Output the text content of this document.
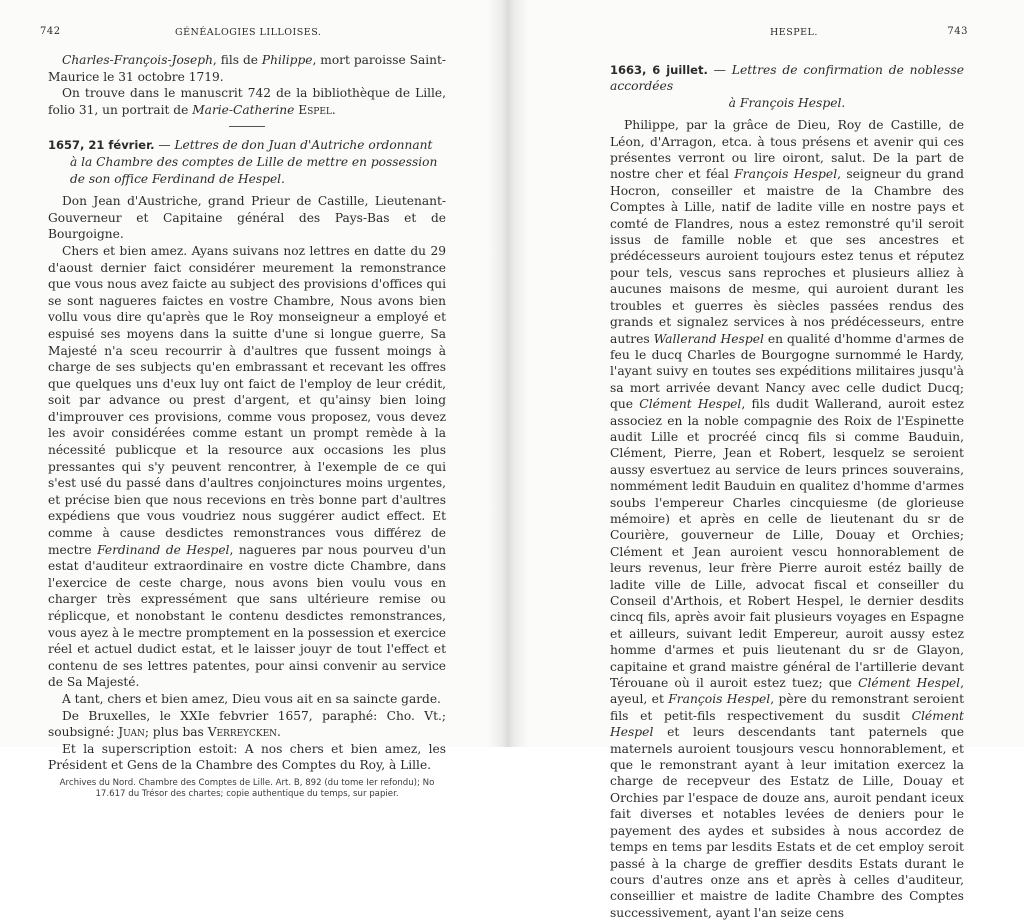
742	GÉNÉALOGIES LILLOISES.

Charles-François-Joseph, fils de Philippe, mort paroisse Saint-Maurice le 31 octobre 1719.

On trouve dans le manuscrit 742 de la bibliothèque de Lille, folio 31, un portrait de Marie-Catherine Espel.

1657, 21 février. — Lettres de don Juan d'Autriche ordonnant
à la Chambre des comptes de Lille de mettre en possession
de son office Ferdinand de Hespel.

Don Jean d'Austriche, grand Prieur de Castille, Lieutenant-Gouverneur et Capitaine général des Pays-Bas et de Bourgoigne.

Chers et bien amez. Ayans suivans noz lettres en datte du 29 d'aoust dernier faict considérer meurement la remonstrance que vous nous avez faicte au subject des provisions d'offices qui se sont nagueres faictes en vostre Chambre, Nous avons bien vollu vous dire qu'après que le Roy monseigneur a employé et espuisé ses moyens dans la suitte d'une si longue guerre, Sa Majesté n'a sceu recourrir à d'aultres que fussent moings à charge de ses subjects qu'en embrassant et recevant les offres que quelques uns d'eux luy ont faict de l'employ de leur crédit, soit par advance ou prest d'argent, et qu'ainsy bien loing d'improuver ces provisions, comme vous proposez, vous devez les avoir considérées comme estant un prompt remède à la nécessité publicque et la resource aux occasions les plus pressantes qui s'y peuvent rencontrer, à l'exemple de ce qui s'est usé du passé dans d'aultres conjoinctures moins urgentes, et précise bien que nous recevions en très bonne part d'aultres expédiens que vous voudriez nous suggérer audict effect. Et comme à cause desdictes remonstrances vous différez de mectre Ferdinand de Hespel, nagueres par nous pourveu d'un estat d'auditeur extraordinaire en vostre dicte Chambre, dans l'exercice de ceste charge, nous avons bien voulu vous en charger très expressément que sans ultérieure remise ou réplicque, et nonobstant le contenu desdictes remonstrances, vous ayez à le mectre promptement en la possession et exercice réel et actuel dudict estat, et le laisser jouyr de tout l'effect et contenu de ses lettres patentes, pour ainsi convenir au service de Sa Majesté.

A tant, chers et bien amez, Dieu vous ait en sa saincte garde.

De Bruxelles, le XXIe febvrier 1657, paraphé: Cho. Vt.; soubsigné: Juan; plus bas Verreycken.

Et la superscription estoit: A nos chers et bien amez, les Président et Gens de la Chambre des Comptes du Roy, à Lille.

Archives du Nord. Chambre des Comptes de Lille. Art. B, 892 (du tome Ier refondu); No 17.617 du Trésor des chartes; copie authentique du temps, sur papier.
HESPEL.	743

1663, 6 juillet. — Lettres de confirmation de noblesse accordées
à François Hespel.

Philippe, par la grâce de Dieu, Roy de Castille, de Léon, d'Arragon, etca. à tous présens et avenir qui ces présentes verront ou lire oiront, salut. De la part de nostre cher et féal François Hespel, seigneur du grand Hocron, conseiller et maistre de la Chambre des Comptes à Lille, natif de ladite ville en nostre pays et comté de Flandres, nous a estez remonstré qu'il seroit issus de famille noble et que ses ancestres et prédécesseurs auroient toujours estez tenus et réputez pour tels, vescus sans reproches et plusieurs alliez à aucunes maisons de mesme, qui auroient durant les troubles et guerres ès siècles passées rendus des grands et signalez services à nos prédécesseurs, entre autres Wallerand Hespel en qualité d'homme d'armes de feu le ducq Charles de Bourgogne surnommé le Hardy, l'ayant suivy en toutes ses expéditions militaires jusqu'à sa mort arrivée devant Nancy avec celle dudict Ducq; que Clément Hespel, fils dudit Wallerand, auroit estez associez en la noble compagnie des Roix de l'Espinette audit Lille et procréé cincq fils si comme Bauduin, Clément, Pierre, Jean et Robert, lesquelz se seroient aussy esvertuez au service de leurs princes souverains, nommément ledit Bauduin en qualitez d'homme d'armes soubs l'empereur Charles cincquiesme (de glorieuse mémoire) et après en celle de lieutenant du sr de Courière, gouverneur de Lille, Douay et Orchies; Clément et Jean auroient vescu honnorablement de leurs revenus, leur frère Pierre auroit estéz bailly de ladite ville de Lille, advocat fiscal et conseiller du Conseil d'Arthois, et Robert Hespel, le dernier desdits cincq fils, après avoir fait plusieurs voyages en Espagne et ailleurs, suivant ledit Empereur, auroit aussy estez homme d'armes et puis lieutenant du sr de Glayon, capitaine et grand maistre général de l'artillerie devant Térouane où il auroit estez tuez; que Clément Hespel, ayeul, et François Hespel, père du remonstrant seroient fils et petit-fils respectivement du susdit Clément Hespel et leurs descendants tant paternels que maternels auroient tousjours vescu honnorablement, et que le remonstrant ayant à leur imitation exercez la charge de recepveur des Estatz de Lille, Douay et Orchies par l'espace de douze ans, auroit pendant iceux fait diverses et notables levées de deniers pour le payement des aydes et subsides à nous accordez de temps en tems par lesdits Estats et de cet employ seroit passé à la charge de greffier desdits Estats durant le cours d'autres onze ans et après à celles d'auditeur, conseillier et maistre de ladite Chambre des Comptes successivement, ayant l'an seize cens
